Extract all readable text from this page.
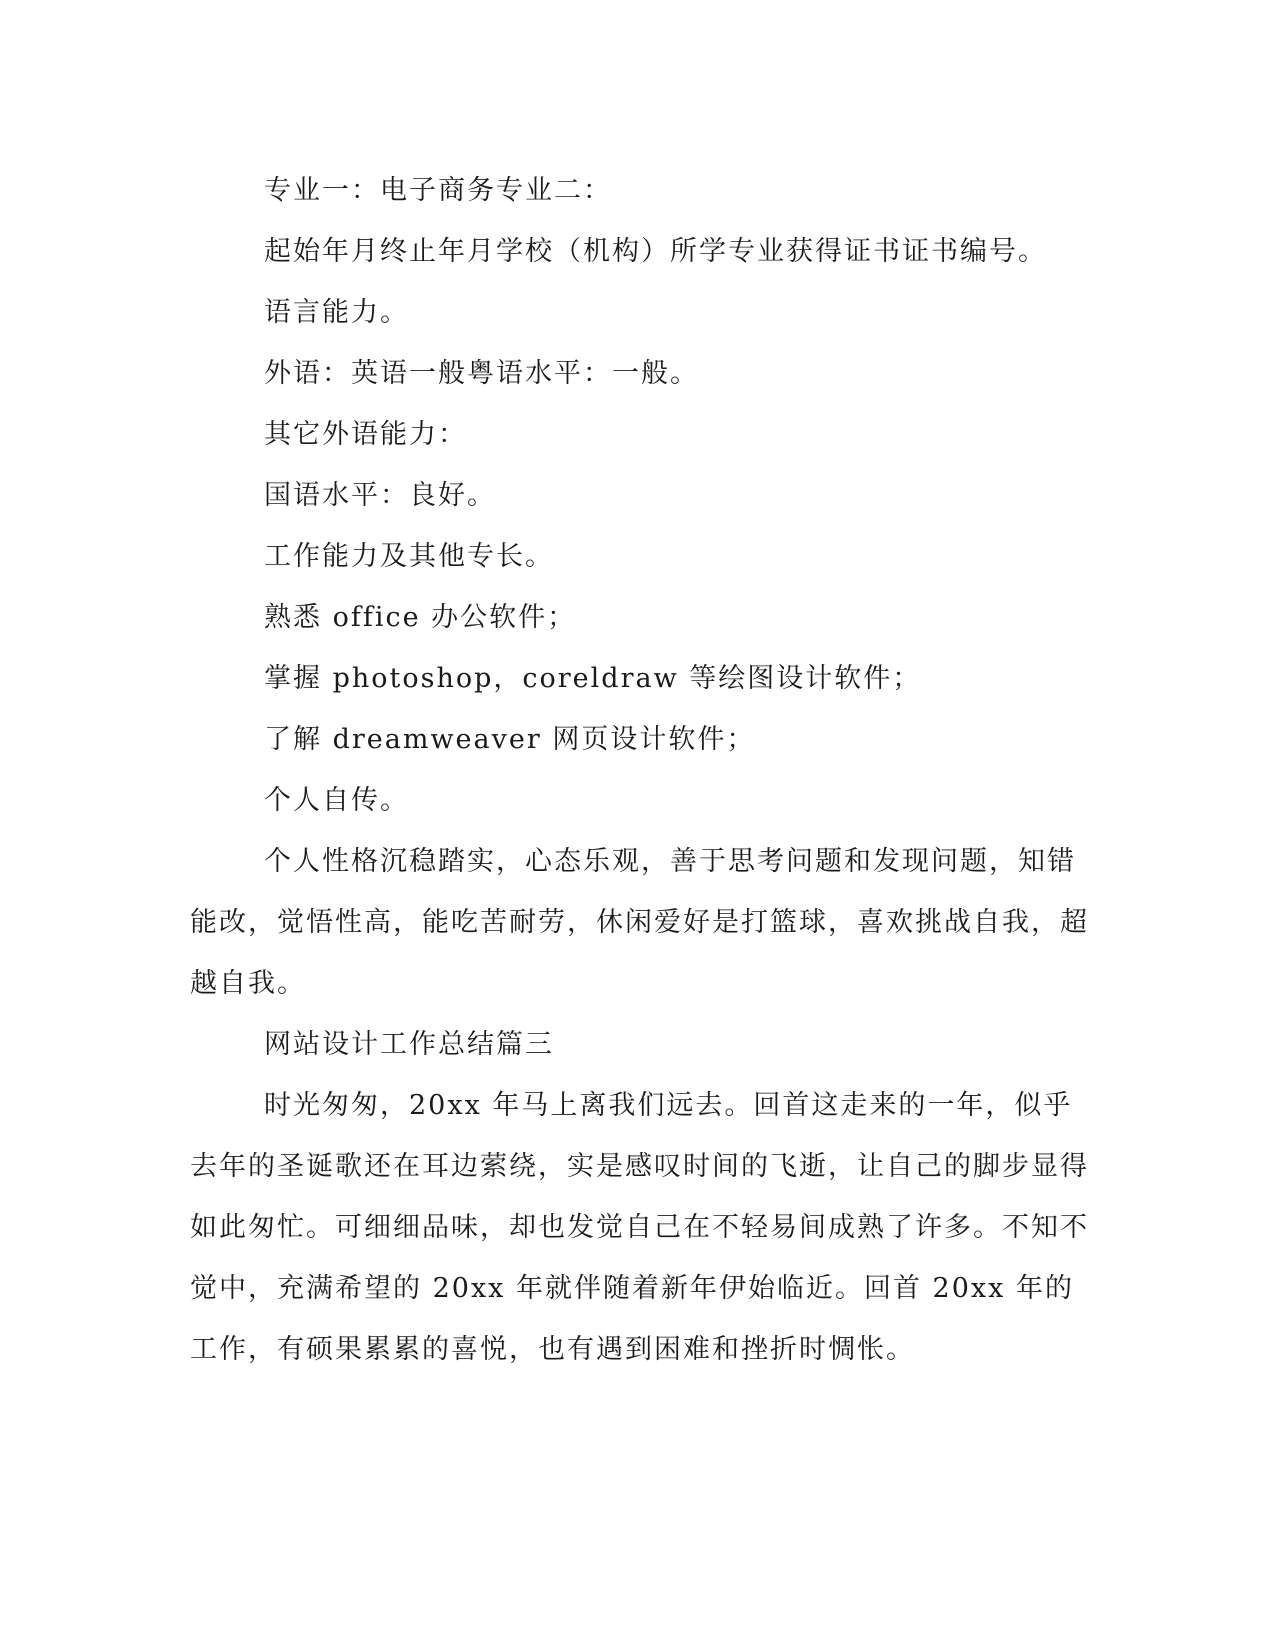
专业一：电子商务专业二：

起始年月终止年月学校（机构）所学专业获得证书证书编号。

语言能力。

外语：英语一般粤语水平：一般。

其它外语能力：

国语水平：良好。

工作能力及其他专长。

熟悉 office 办公软件；

掌握 photoshop，coreldraw 等绘图设计软件；

了解 dreamweaver 网页设计软件；

个人自传。

个人性格沉稳踏实，心态乐观，善于思考问题和发现问题，知错能改，觉悟性高，能吃苦耐劳，休闲爱好是打篮球，喜欢挑战自我，超越自我。

网站设计工作总结篇三

时光匆匆，20xx 年马上离我们远去。回首这走来的一年，似乎去年的圣诞歌还在耳边萦绕，实是感叹时间的飞逝，让自己的脚步显得如此匆忙。可细细品味，却也发觉自己在不轻易间成熟了许多。不知不觉中，充满希望的 20xx 年就伴随着新年伊始临近。回首 20xx 年的工作，有硕果累累的喜悦，也有遇到困难和挫折时惆怅。
